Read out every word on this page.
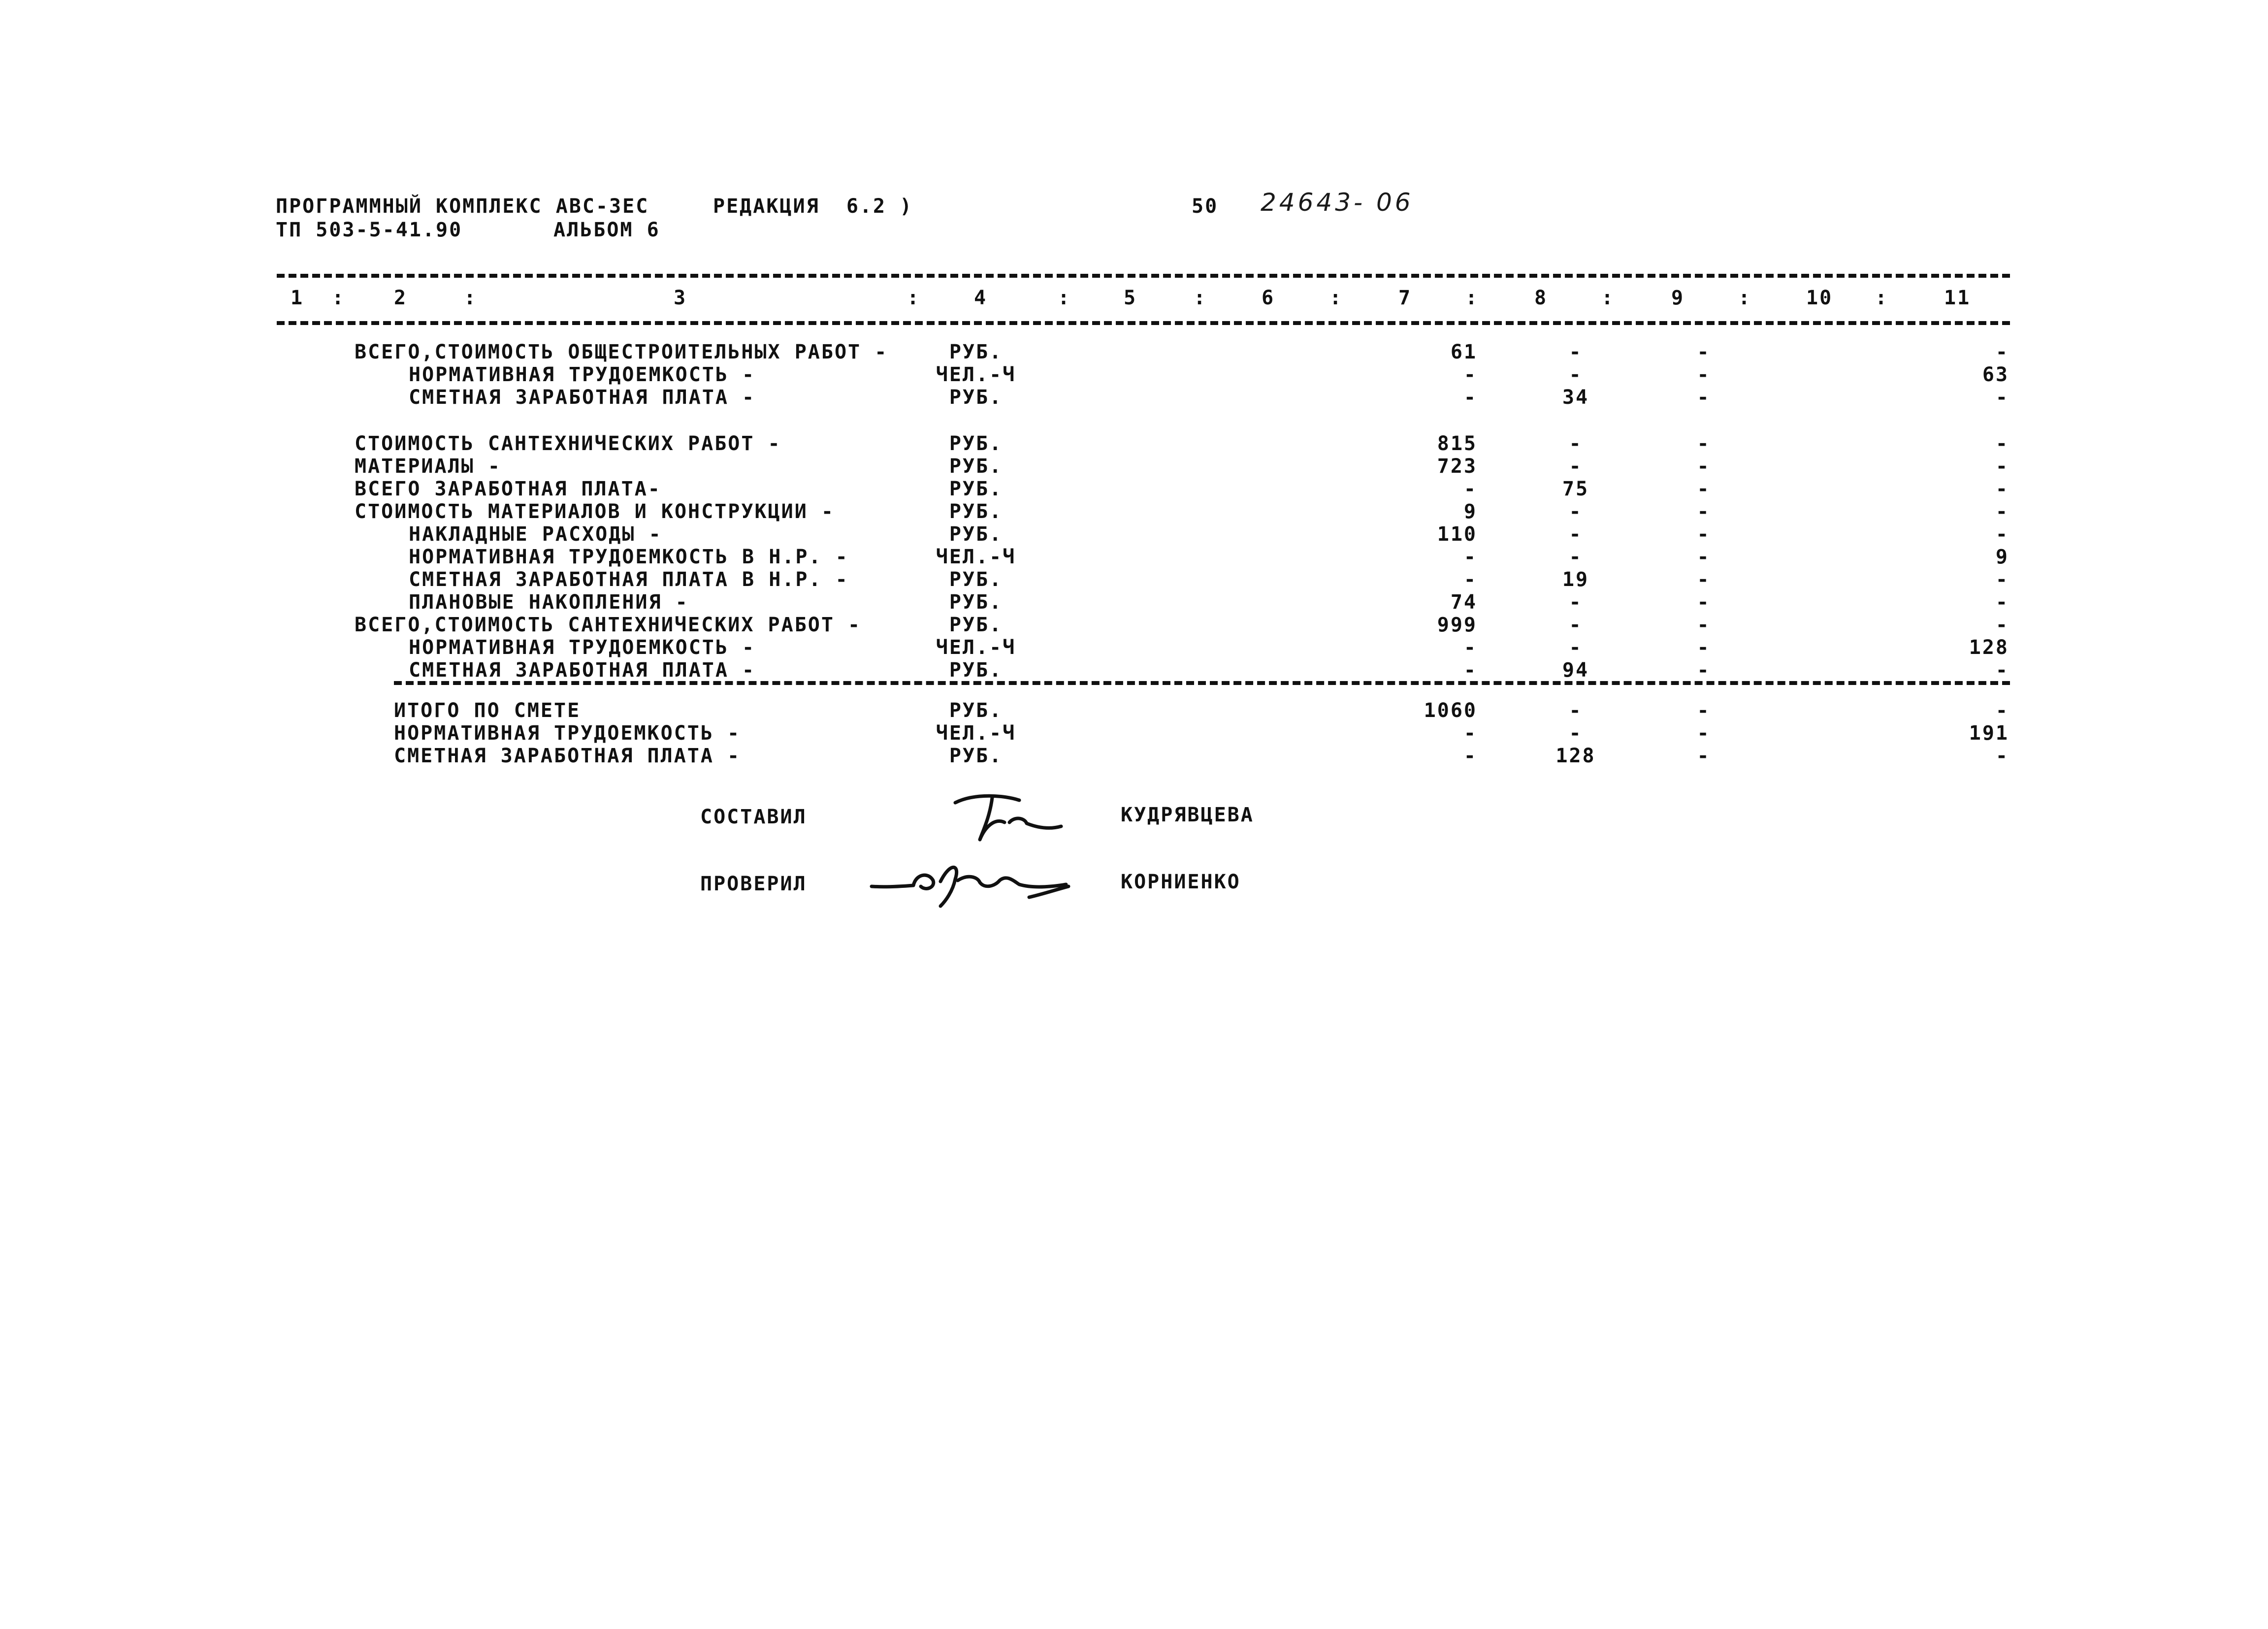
ПРОГРАММНЫЙ КОМПЛЕКС АВС-3ЕС	РЕДАКЦИЯ  6.2 )	50 24643- 06
ТП 503-5-41.90	АЛЬБОМ 6
1 : 2	:	3	:	4	:	5	:	6	:	7	:	8	:	9	:	10 :	11
ВСЕГО,СТОИМОСТЬ ОБЩЕСТРОИТЕЛЬНЫХ РАБОТ -	РУБ.	61	-	-	-
НОРМАТИВНАЯ ТРУДОЕМКОСТЬ -	ЧЕЛ.-Ч	-	-	-	63
СМЕТНАЯ ЗАРАБОТНАЯ ПЛАТА -	РУБ.	-	34	-	-
СТОИМОСТЬ САНТЕХНИЧЕСКИХ РАБОТ -	РУБ.	815	-	-	-
МАТЕРИАЛЫ -	РУБ.	723	-	-	-
ВСЕГО ЗАРАБОТНАЯ ПЛАТА-	РУБ.	-	75	-	-
СТОИМОСТЬ МАТЕРИАЛОВ И КОНСТРУКЦИИ -	РУБ.	9	-	-	-
НАКЛАДНЫЕ РАСХОДЫ -	РУБ.	110	-	-	-
НОРМАТИВНАЯ ТРУДОЕМКОСТЬ В Н.Р. -	ЧЕЛ.-Ч	-	-	-	9
СМЕТНАЯ ЗАРАБОТНАЯ ПЛАТА В Н.Р. -	РУБ.	-	19	-	-
ПЛАНОВЫЕ НАКОПЛЕНИЯ -	РУБ.	74	-	-	-
ВСЕГО,СТОИМОСТЬ САНТЕХНИЧЕСКИХ РАБОТ -	РУБ.	999	-	-	-
НОРМАТИВНАЯ ТРУДОЕМКОСТЬ -	ЧЕЛ.-Ч	-	-	-	128
СМЕТНАЯ ЗАРАБОТНАЯ ПЛАТА -	РУБ.	-	94	-	-
ИТОГО ПО СМЕТЕ	РУБ.	1060	-	-	-
НОРМАТИВНАЯ ТРУДОЕМКОСТЬ -	ЧЕЛ.-Ч	-	-	-	191
СМЕТНАЯ ЗАРАБОТНАЯ ПЛАТА -	РУБ.	-	128	-	-
СОСТАВИЛ	КУДРЯВЦЕВА
ПРОВЕРИЛ	КОРНИЕНКО
